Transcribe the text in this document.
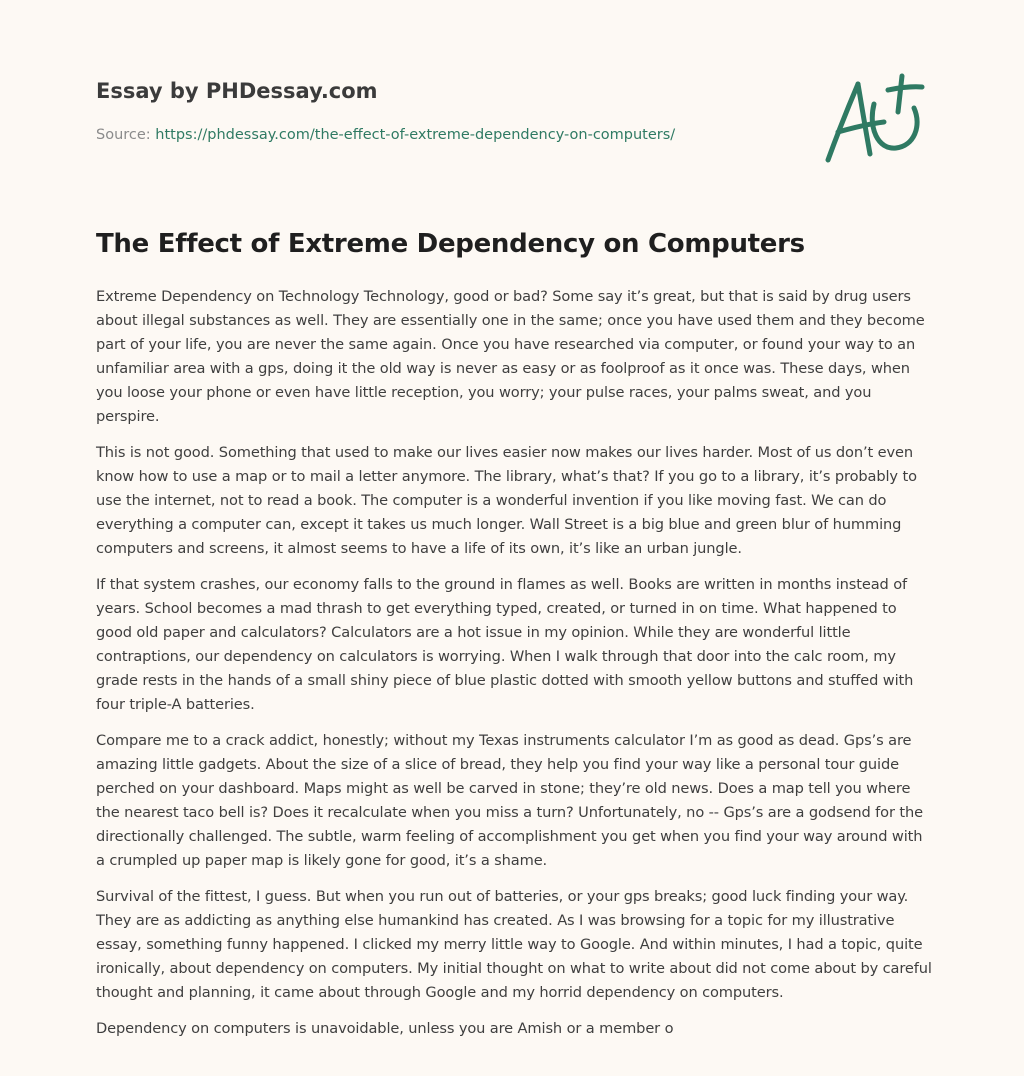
Essay by PHDessay.com
Source: https://phdessay.com/the-effect-of-extreme-dependency-on-computers/
The Effect of Extreme Dependency on Computers

Extreme Dependency on Technology Technology, good or bad? Some say it’s great, but that is said by drug users about illegal substances as well. They are essentially one in the same; once you have used them and they become part of your life, you are never the same again. Once you have researched via computer, or found your way to an unfamiliar area with a gps, doing it the old way is never as easy or as foolproof as it once was. These days, when you loose your phone or even have little reception, you worry; your pulse races, your palms sweat, and you perspire.

This is not good. Something that used to make our lives easier now makes our lives harder. Most of us don’t even know how to use a map or to mail a letter anymore. The library, what’s that? If you go to a library, it’s probably to use the internet, not to read a book. The computer is a wonderful invention if you like moving fast. We can do everything a computer can, except it takes us much longer. Wall Street is a big blue and green blur of humming computers and screens, it almost seems to have a life of its own, it’s like an urban jungle.

If that system crashes, our economy falls to the ground in flames as well. Books are written in months instead of years. School becomes a mad thrash to get everything typed, created, or turned in on time. What happened to good old paper and calculators? Calculators are a hot issue in my opinion. While they are wonderful little contraptions, our dependency on calculators is worrying. When I walk through that door into the calc room, my grade rests in the hands of a small shiny piece of blue plastic dotted with smooth yellow buttons and stuffed with four triple-A batteries.

Compare me to a crack addict, honestly; without my Texas instruments calculator I’m as good as dead. Gps’s are amazing little gadgets. About the size of a slice of bread, they help you find your way like a personal tour guide perched on your dashboard. Maps might as well be carved in stone; they’re old news. Does a map tell you where the nearest taco bell is? Does it recalculate when you miss a turn? Unfortunately, no -- Gps’s are a godsend for the directionally challenged. The subtle, warm feeling of accomplishment you get when you find your way around with a crumpled up paper map is likely gone for good, it’s a shame.

Survival of the fittest, I guess. But when you run out of batteries, or your gps breaks; good luck finding your way. They are as addicting as anything else humankind has created. As I was browsing for a topic for my illustrative essay, something funny happened. I clicked my merry little way to Google. And within minutes, I had a topic, quite ironically, about dependency on computers. My initial thought on what to write about did not come about by careful thought and planning, it came about through Google and my horrid dependency on computers.

Dependency on computers is unavoidable, unless you are Amish or a member o
